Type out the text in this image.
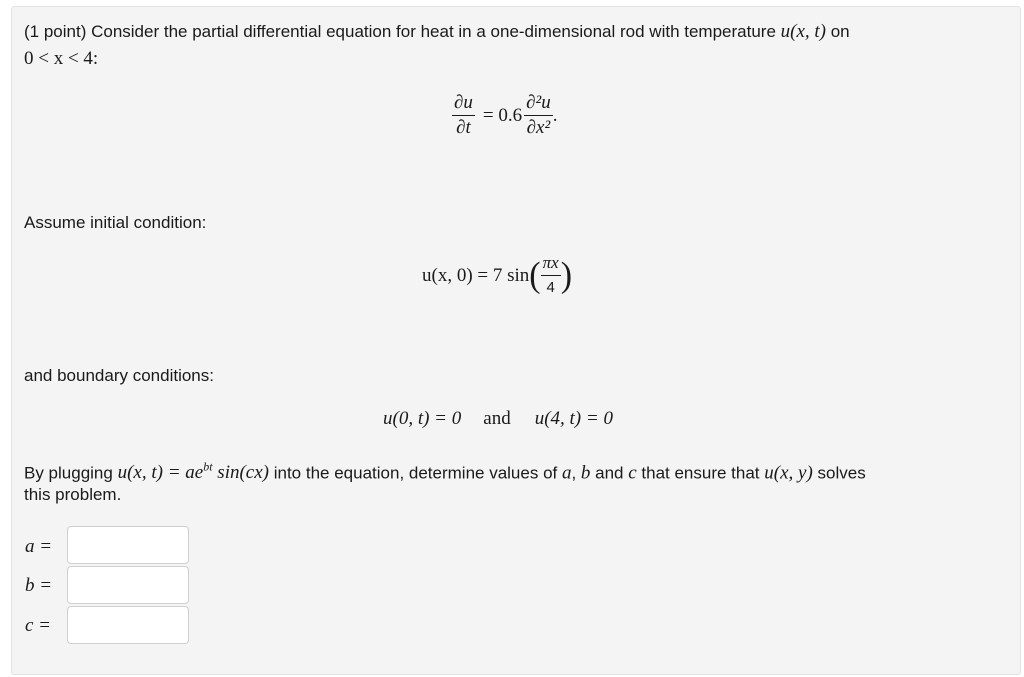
(1 point) Consider the partial differential equation for heat in a one-dimensional rod with temperature u(x, t) on
0 < x < 4:
$\frac{\partial u}{\partial t} = 0.6 \frac{\text{∂²u}}{\text{∂x²}}$ .
Assume initial condition:
u(x, 0) = 7 sin ( $\frac{\pi x}{4}$ )
and boundary conditions:
u(0, t) = 0 and u(4, t) = 0
By plugging u(x, $t) = ae^{bt}$ sin(cx) into the equation, determine values of a, b and c that ensure that u(x, y) solves
this problem.
a =
b =
c =
